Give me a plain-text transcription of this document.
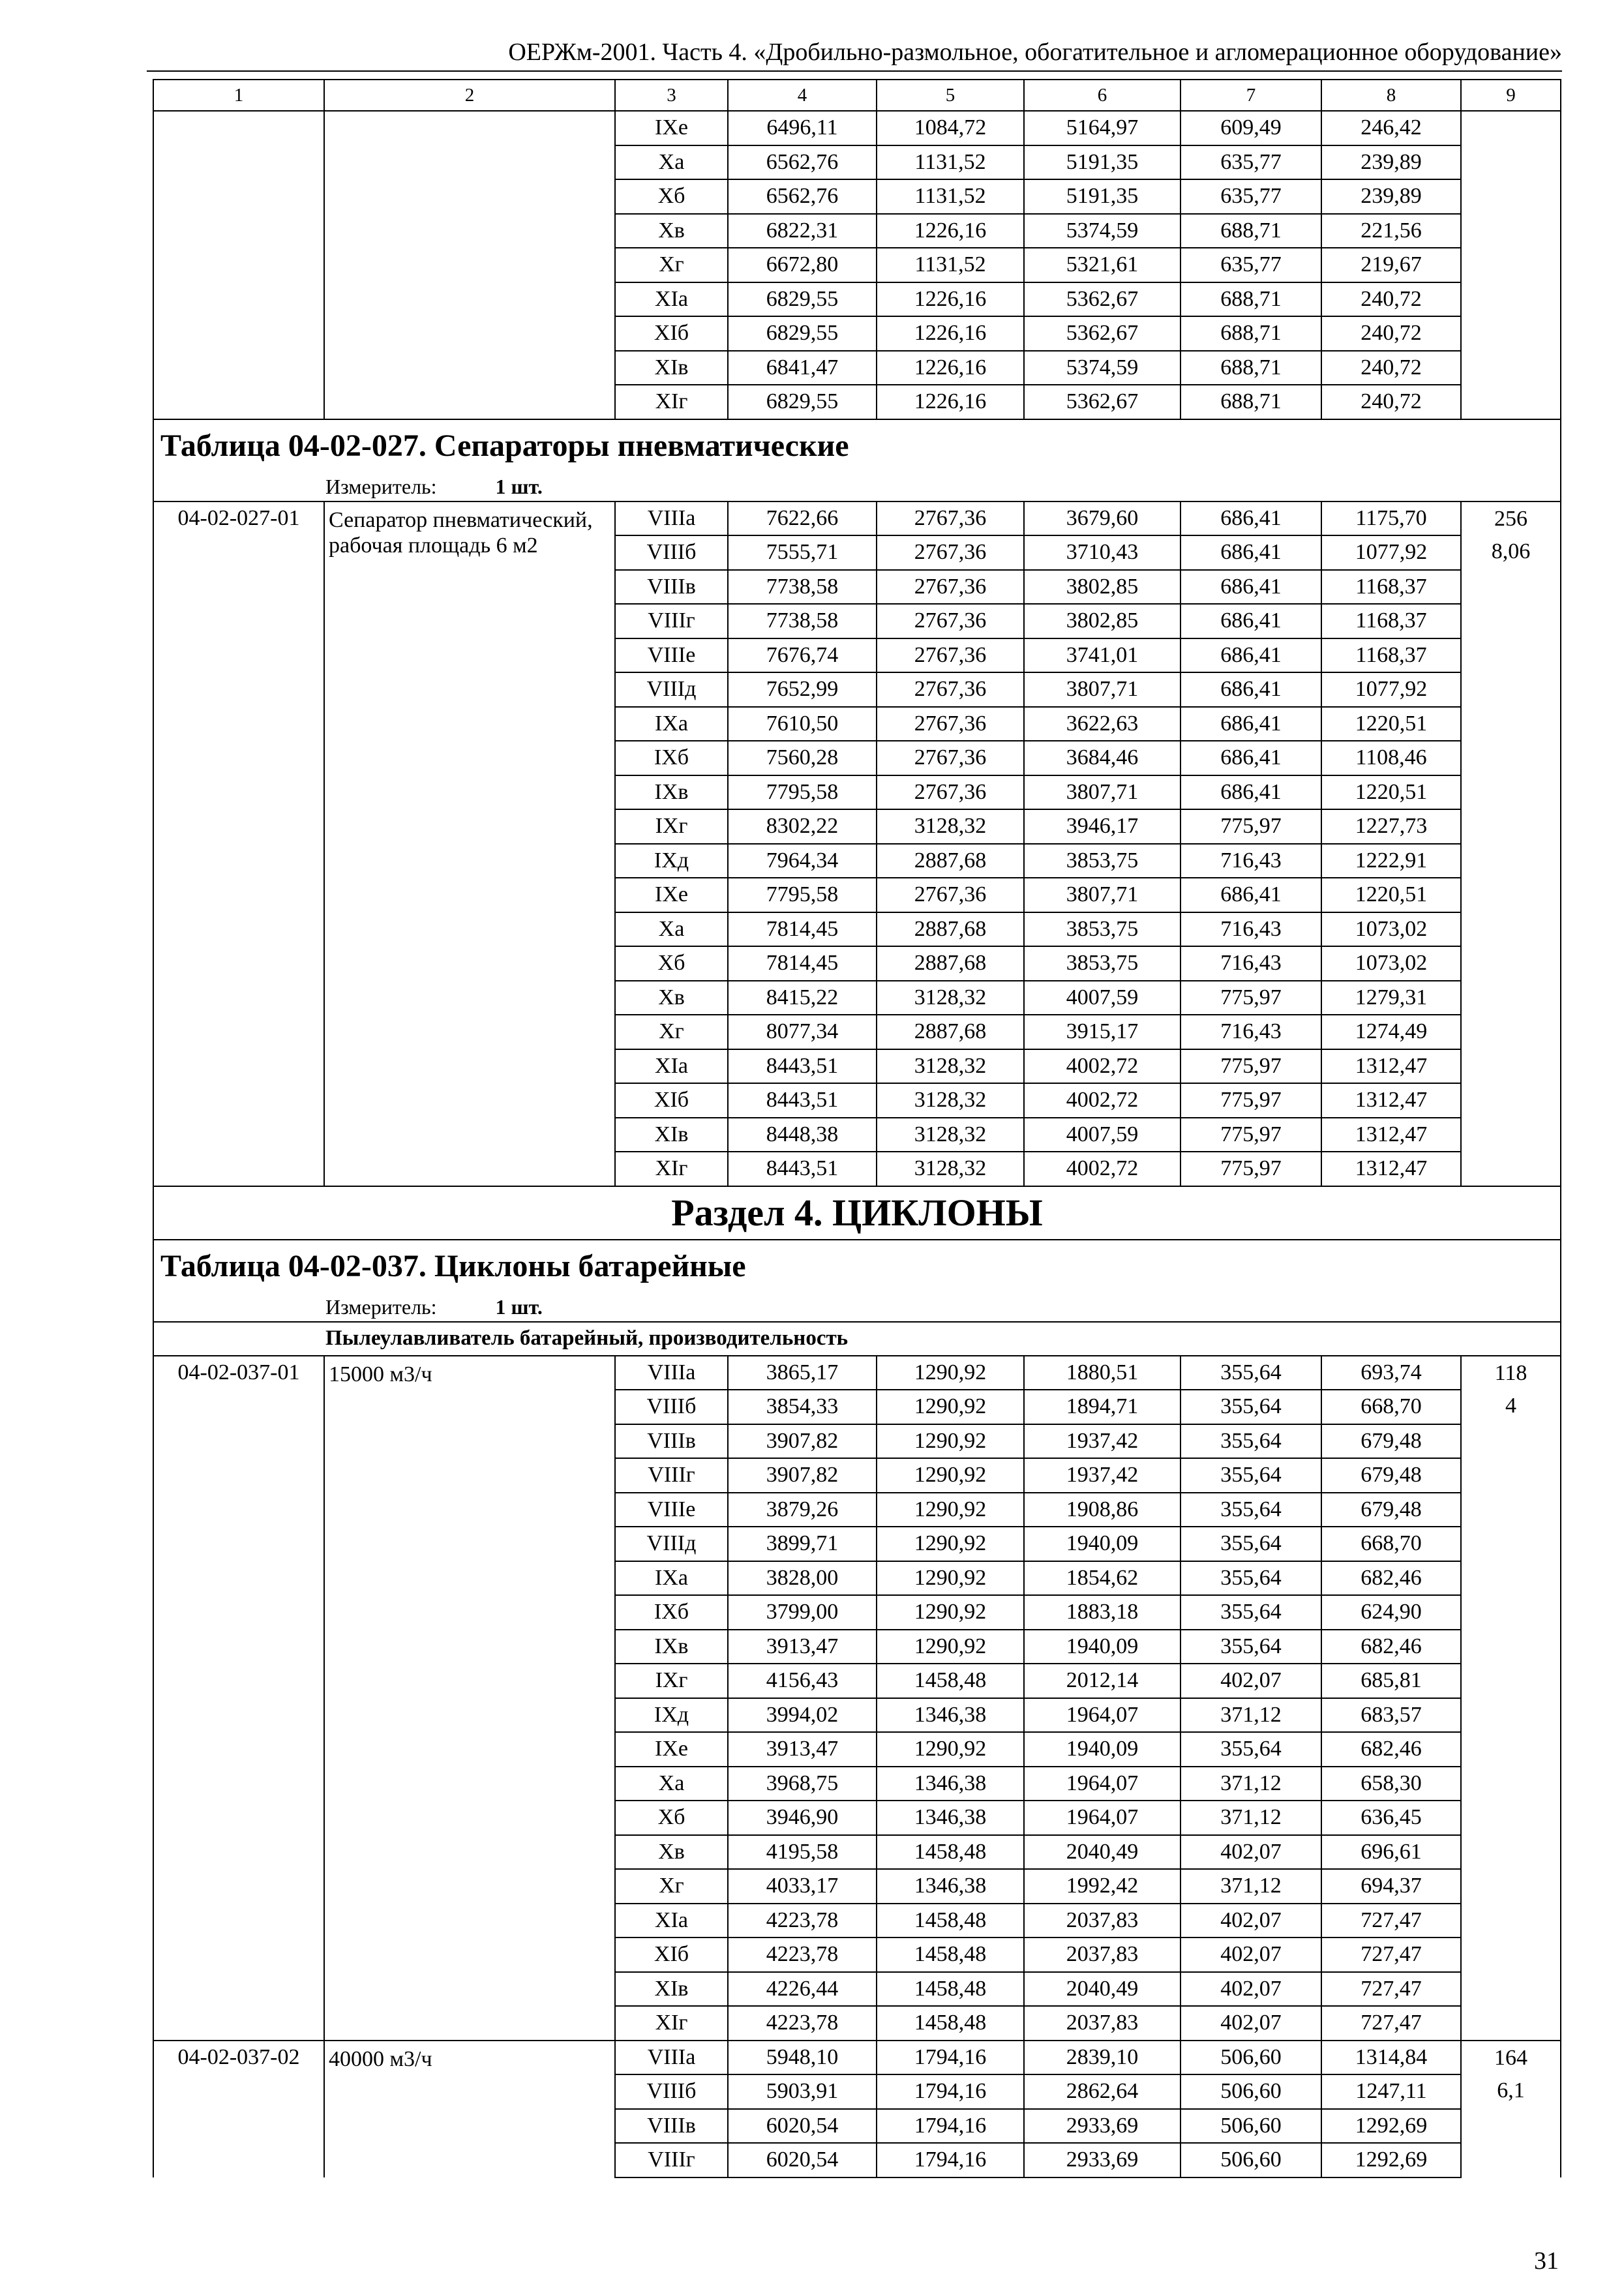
ОЕРЖм-2001. Часть 4. «Дробильно-размольное, обогатительное и агломерационное оборудование»
1	2	3	4	5	6	7	8	9
		IXе	6496,11	1084,72	5164,97	609,49	246,42	
		Xа	6562,76	1131,52	5191,35	635,77	239,89	
		Xб	6562,76	1131,52	5191,35	635,77	239,89	
		Xв	6822,31	1226,16	5374,59	688,71	221,56	
		Xг	6672,80	1131,52	5321,61	635,77	219,67	
		XIа	6829,55	1226,16	5362,67	688,71	240,72	
		XIб	6829,55	1226,16	5362,67	688,71	240,72	
		XIв	6841,47	1226,16	5374,59	688,71	240,72	
		XIг	6829,55	1226,16	5362,67	688,71	240,72	
Таблица 04-02-027. Сепараторы пневматические								
Измеритель: 1 шт.								
04-02-027-01	Сепаратор пневматический, рабочая площадь 6 м2	VIIIа	7622,66	2767,36	3679,60	686,41	1175,70	256
8,06

		VIIIб	7555,71	2767,36	3710,43	686,41	1077,92	
		VIIIв	7738,58	2767,36	3802,85	686,41	1168,37	
		VIIIг	7738,58	2767,36	3802,85	686,41	1168,37	
		VIIIе	7676,74	2767,36	3741,01	686,41	1168,37	
		VIIIд	7652,99	2767,36	3807,71	686,41	1077,92	
		IXа	7610,50	2767,36	3622,63	686,41	1220,51	
		IXб	7560,28	2767,36	3684,46	686,41	1108,46	
		IXв	7795,58	2767,36	3807,71	686,41	1220,51	
		IXг	8302,22	3128,32	3946,17	775,97	1227,73	
		IXд	7964,34	2887,68	3853,75	716,43	1222,91	
		IXе	7795,58	2767,36	3807,71	686,41	1220,51	
		Xа	7814,45	2887,68	3853,75	716,43	1073,02	
		Xб	7814,45	2887,68	3853,75	716,43	1073,02	
		Xв	8415,22	3128,32	4007,59	775,97	1279,31	
		Xг	8077,34	2887,68	3915,17	716,43	1274,49	
		XIа	8443,51	3128,32	4002,72	775,97	1312,47	
		XIб	8443,51	3128,32	4002,72	775,97	1312,47	
		XIв	8448,38	3128,32	4007,59	775,97	1312,47	
		XIг	8443,51	3128,32	4002,72	775,97	1312,47	
Раздел 4. ЦИКЛОНЫ								
Таблица 04-02-037. Циклоны батарейные								
Измеритель: 1 шт.								
Пылеулавливатель батарейный, производительность								
04-02-037-01	15000 м3/ч	VIIIа	3865,17	1290,92	1880,51	355,64	693,74	118
4

		VIIIб	3854,33	1290,92	1894,71	355,64	668,70	
		VIIIв	3907,82	1290,92	1937,42	355,64	679,48	
		VIIIг	3907,82	1290,92	1937,42	355,64	679,48	
		VIIIе	3879,26	1290,92	1908,86	355,64	679,48	
		VIIIд	3899,71	1290,92	1940,09	355,64	668,70	
		IXа	3828,00	1290,92	1854,62	355,64	682,46	
		IXб	3799,00	1290,92	1883,18	355,64	624,90	
		IXв	3913,47	1290,92	1940,09	355,64	682,46	
		IXг	4156,43	1458,48	2012,14	402,07	685,81	
		IXд	3994,02	1346,38	1964,07	371,12	683,57	
		IXе	3913,47	1290,92	1940,09	355,64	682,46	
		Xа	3968,75	1346,38	1964,07	371,12	658,30	
		Xб	3946,90	1346,38	1964,07	371,12	636,45	
		Xв	4195,58	1458,48	2040,49	402,07	696,61	
		Xг	4033,17	1346,38	1992,42	371,12	694,37	
		XIа	4223,78	1458,48	2037,83	402,07	727,47	
		XIб	4223,78	1458,48	2037,83	402,07	727,47	
		XIв	4226,44	1458,48	2040,49	402,07	727,47	
		XIг	4223,78	1458,48	2037,83	402,07	727,47	
04-02-037-02	40000 м3/ч	VIIIа	5948,10	1794,16	2839,10	506,60	1314,84	164
6,1

		VIIIб	5903,91	1794,16	2862,64	506,60	1247,11	
		VIIIв	6020,54	1794,16	2933,69	506,60	1292,69	
		VIIIг	6020,54	1794,16	2933,69	506,60	1292,69	
31
